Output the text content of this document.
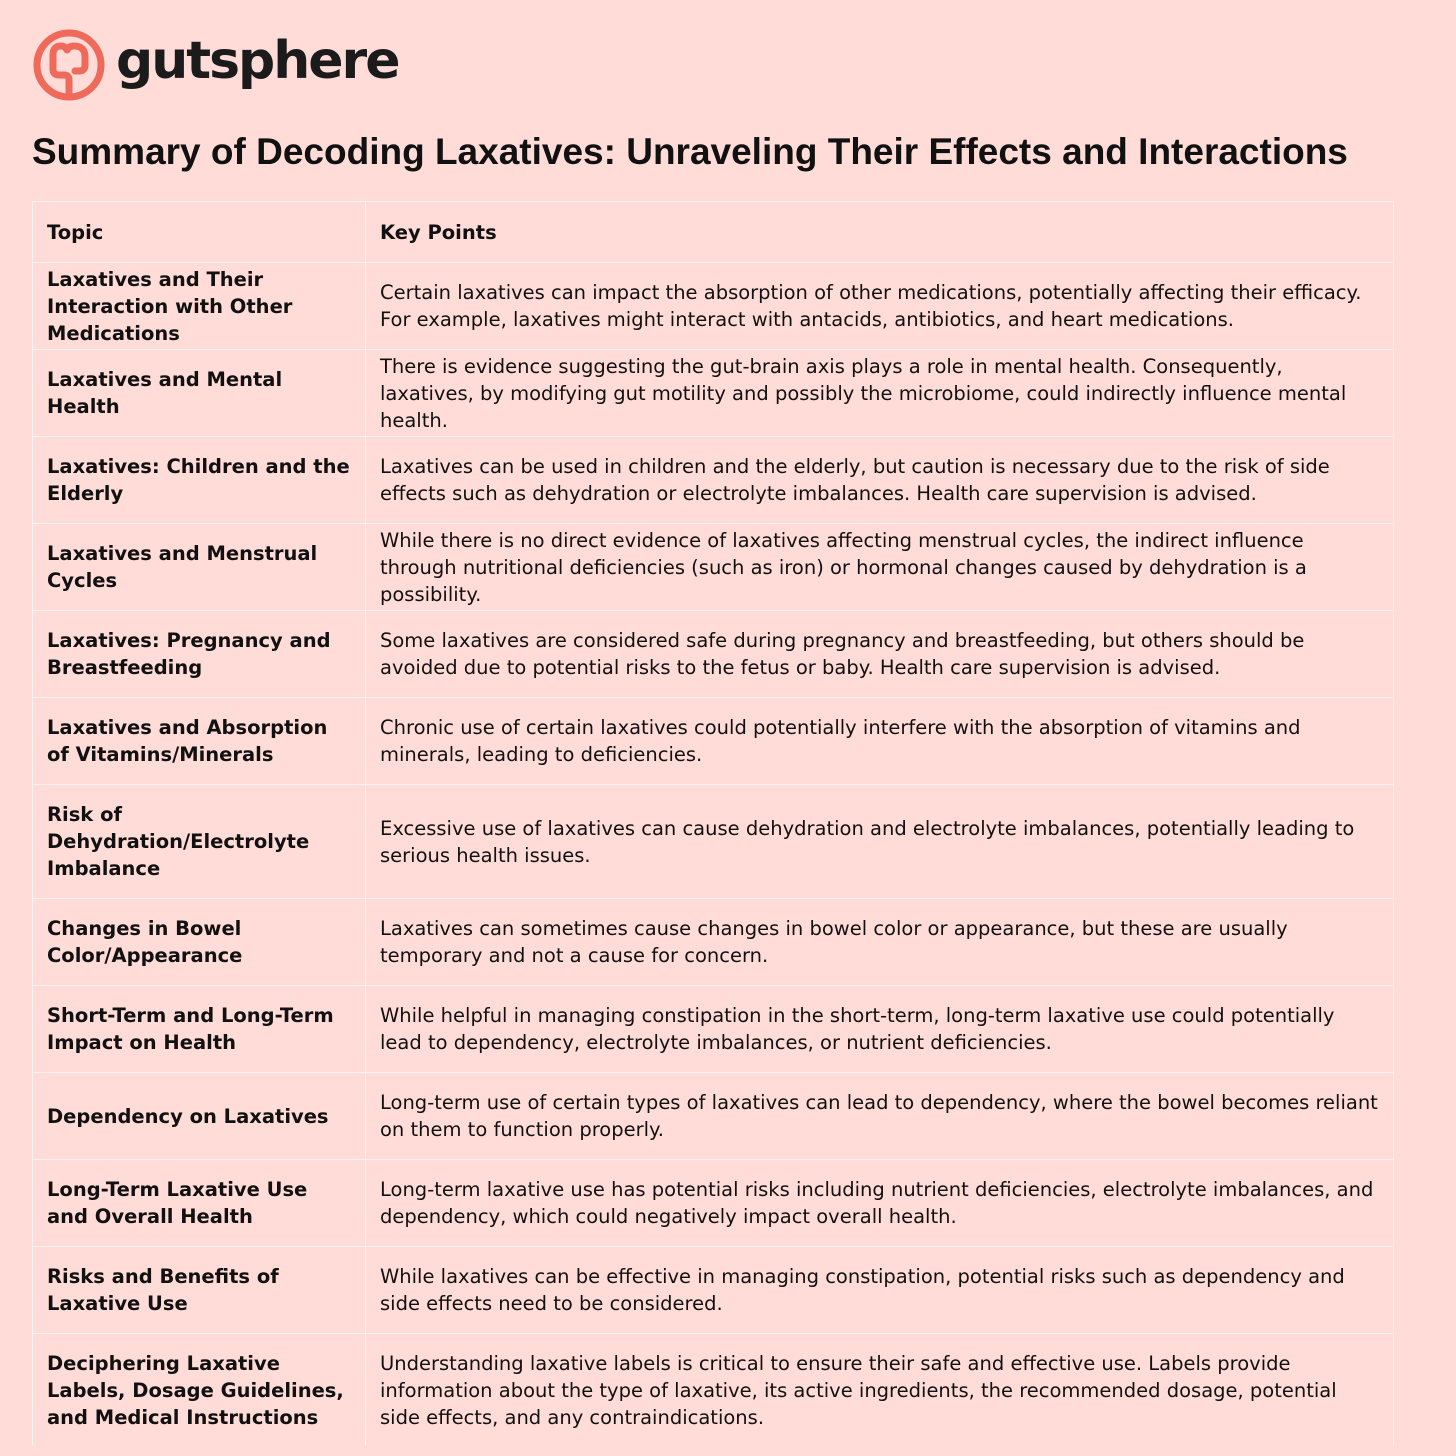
gutsphere
Summary of Decoding Laxatives: Unraveling Their Effects and Interactions
Topic	Key Points
Laxatives and Their Interaction with Other Medications	Certain laxatives can impact the absorption of other medications, potentially affecting their efficacy. For example, laxatives might interact with antacids, antibiotics, and heart medications.
Laxatives and Mental Health	There is evidence suggesting the gut-brain axis plays a role in mental health. Consequently, laxatives, by modifying gut motility and possibly the microbiome, could indirectly influence mental health.
Laxatives: Children and the Elderly	Laxatives can be used in children and the elderly, but caution is necessary due to the risk of side effects such as dehydration or electrolyte imbalances. Health care supervision is advised.
Laxatives and Menstrual Cycles	While there is no direct evidence of laxatives affecting menstrual cycles, the indirect influence through nutritional deficiencies (such as iron) or hormonal changes caused by dehydration is a possibility.
Laxatives: Pregnancy and Breastfeeding	Some laxatives are considered safe during pregnancy and breastfeeding, but others should be avoided due to potential risks to the fetus or baby. Health care supervision is advised.
Laxatives and Absorption of Vitamins/Minerals	Chronic use of certain laxatives could potentially interfere with the absorption of vitamins and minerals, leading to deficiencies.
Risk of Dehydration/Electrolyte Imbalance	Excessive use of laxatives can cause dehydration and electrolyte imbalances, potentially leading to serious health issues.
Changes in Bowel Color/Appearance	Laxatives can sometimes cause changes in bowel color or appearance, but these are usually temporary and not a cause for concern.
Short-Term and Long-Term Impact on Health	While helpful in managing constipation in the short-term, long-term laxative use could potentially lead to dependency, electrolyte imbalances, or nutrient deficiencies.
Dependency on Laxatives	Long-term use of certain types of laxatives can lead to dependency, where the bowel becomes reliant on them to function properly.
Long-Term Laxative Use and Overall Health	Long-term laxative use has potential risks including nutrient deficiencies, electrolyte imbalances, and dependency, which could negatively impact overall health.
Risks and Benefits of Laxative Use	While laxatives can be effective in managing constipation, potential risks such as dependency and side effects need to be considered.
Deciphering Laxative Labels, Dosage Guidelines, and Medical Instructions	Understanding laxative labels is critical to ensure their safe and effective use. Labels provide information about the type of laxative, its active ingredients, the recommended dosage, potential side effects, and any contraindications.
